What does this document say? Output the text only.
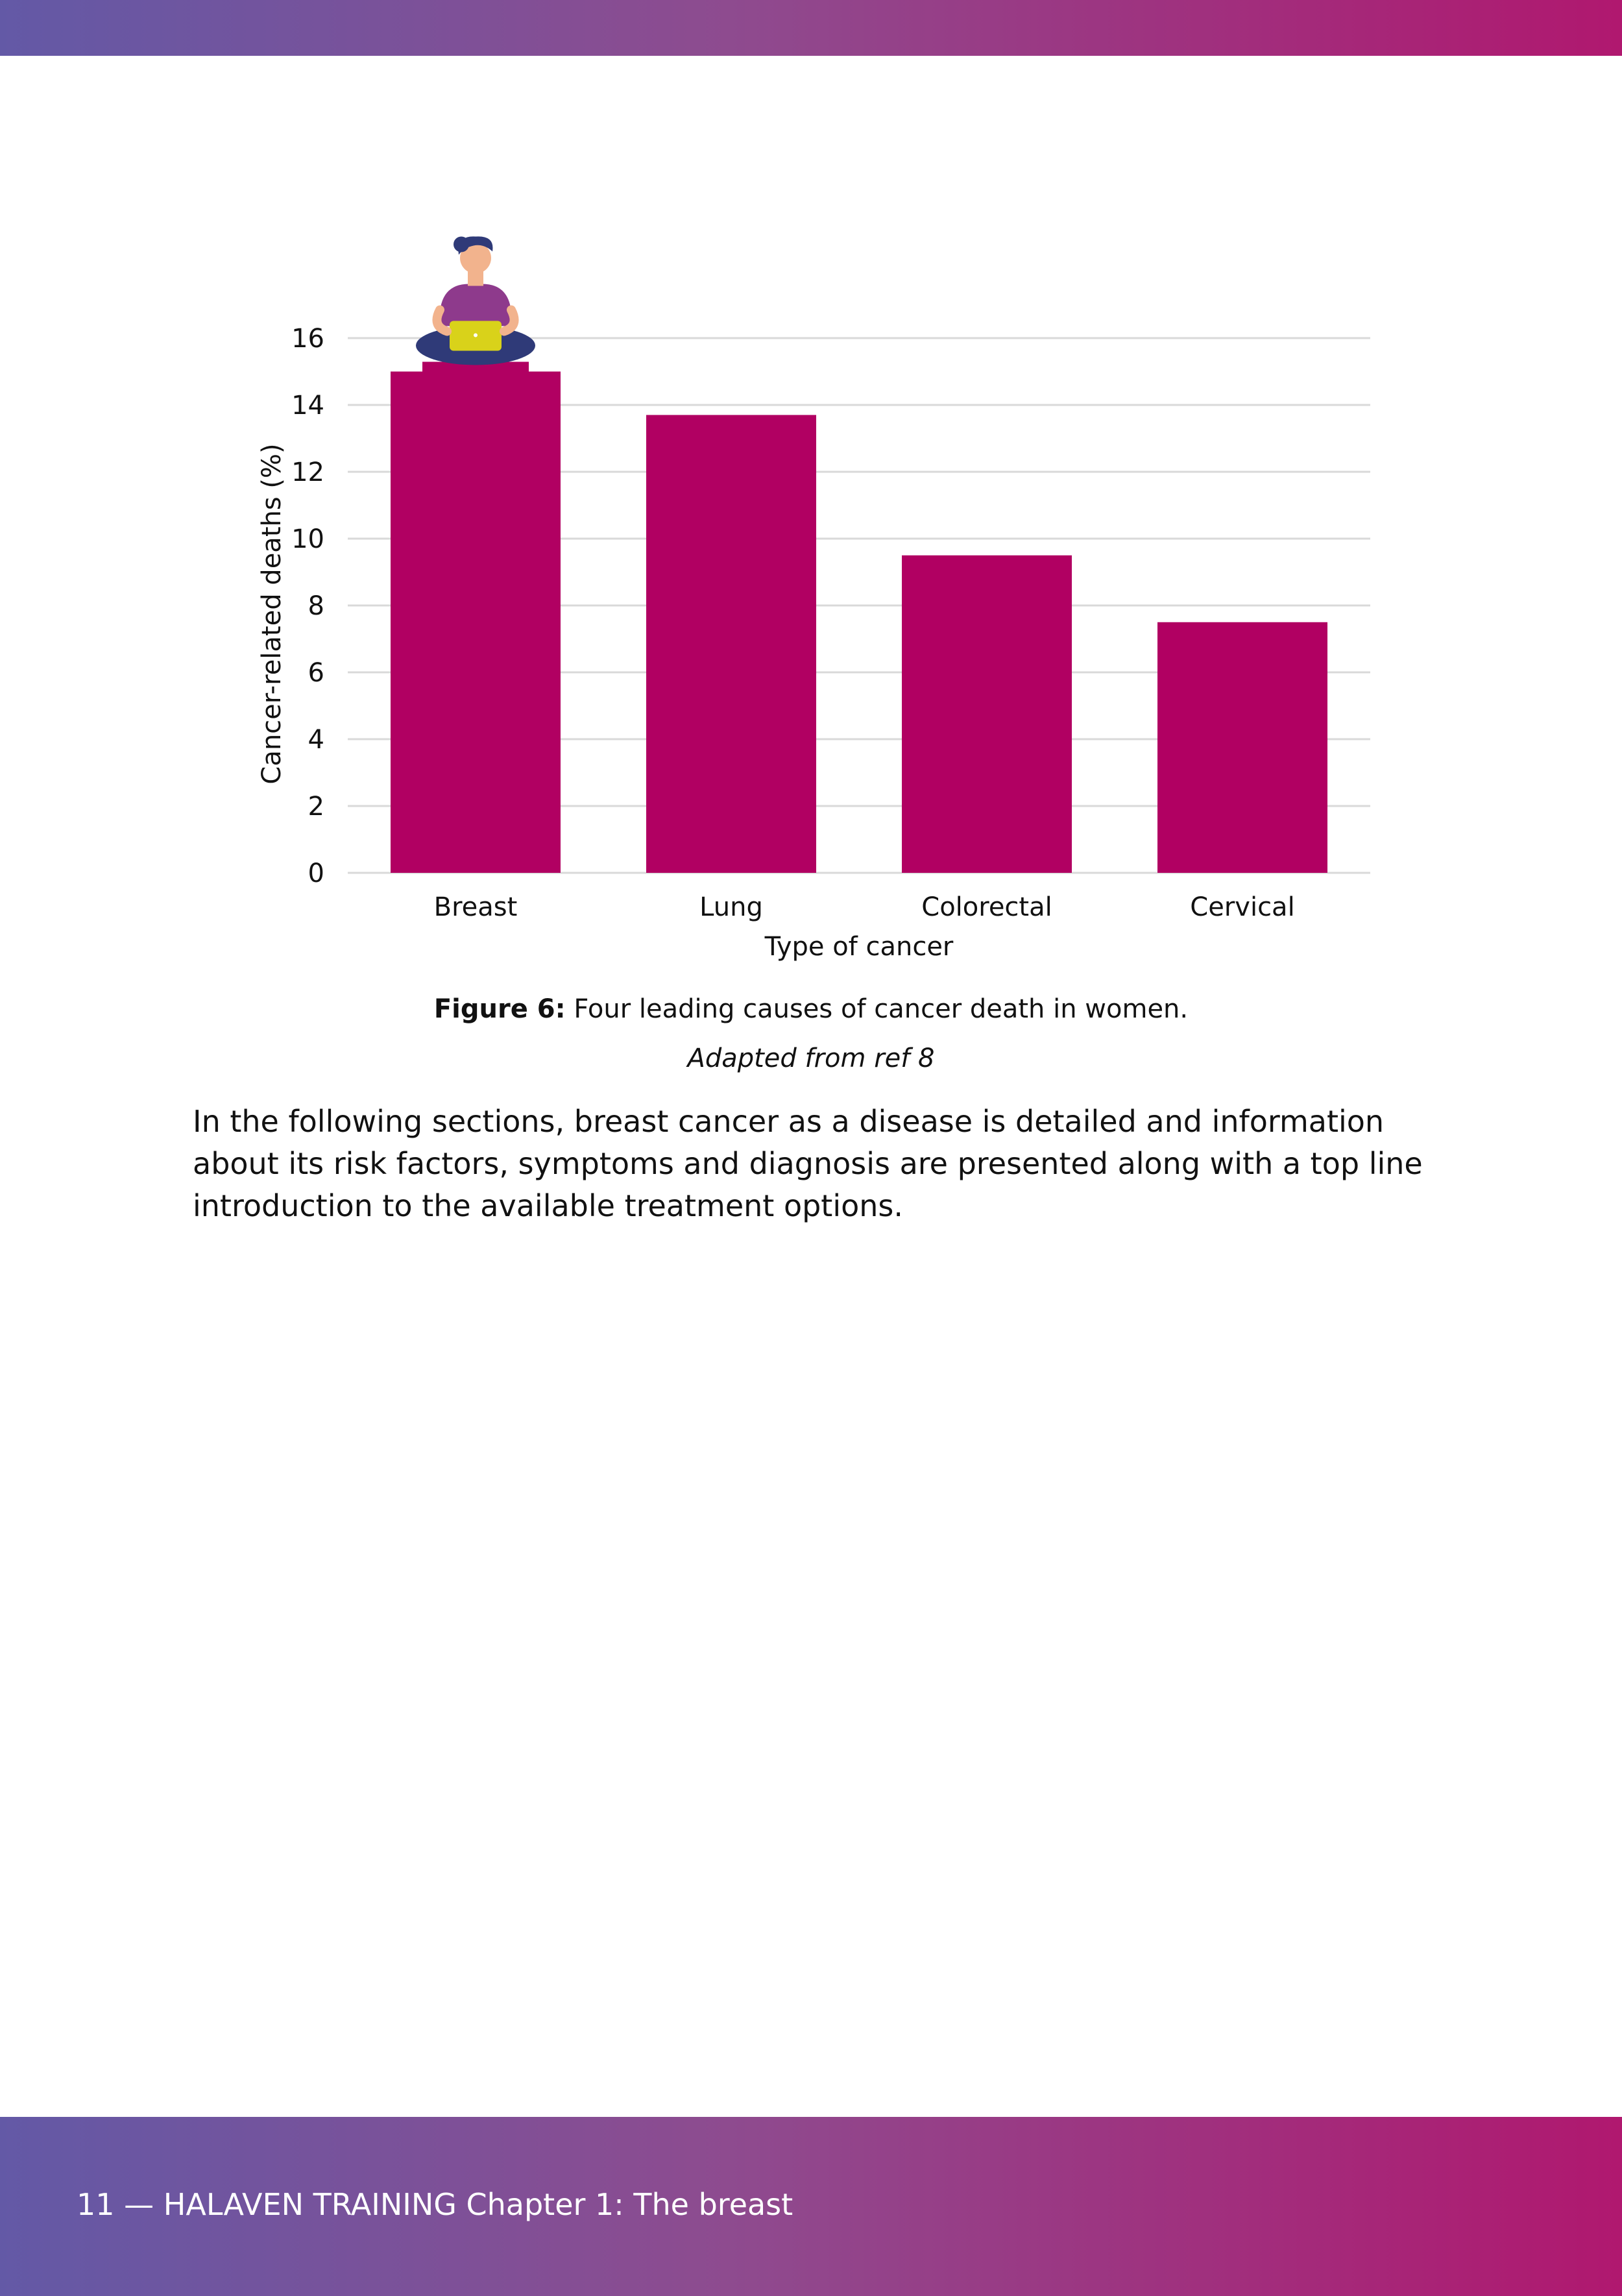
0
2
4
6
8
10
12
14
16
Breast	Lung	Colorectal	Cervical
Type of cancer
Cancer-related deaths (%)
Figure 6: Four leading causes of cancer death in women.
Adapted from ref 8
In the following sections, breast cancer as a disease is detailed and information about its risk factors, symptoms and diagnosis are presented along with a top line introduction to the available treatment options.
11 — HALAVEN TRAINING Chapter 1: The breast
